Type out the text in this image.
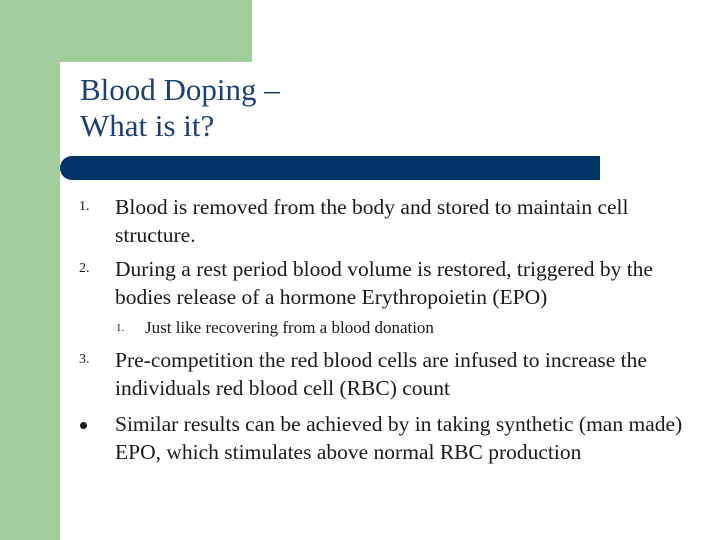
Blood Doping –
What is it?
1. Blood is removed from the body and stored to maintain cell structure.
2. During a rest period blood volume is restored, triggered by the bodies release of a hormone Erythropoietin (EPO)
1. Just like recovering from a blood donation
3. Pre-competition the red blood cells are infused to increase the individuals red blood cell (RBC) count
Similar results can be achieved by in taking synthetic (man made) EPO, which stimulates above normal RBC production
